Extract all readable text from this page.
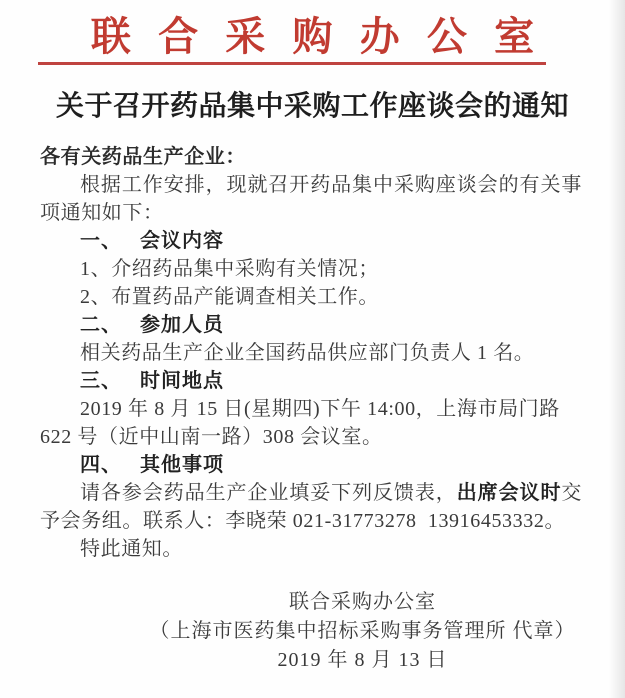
联合采购办公室
关于召开药品集中采购工作座谈会的通知

各有关药品生产企业：

根据工作安排，现就召开药品集中采购座谈会的有关事项通知如下：

一、 会议内容

1、介绍药品集中采购有关情况；

2、布置药品产能调查相关工作。

二、 参加人员

相关药品生产企业全国药品供应部门负责人 1 名。

三、 时间地点

2019 年 8 月 15 日(星期四)下午 14:00，上海市局门路

622 号（近中山南一路）308 会议室。

四、 其他事项

请各参会药品生产企业填妥下列反馈表，出席会议时交予会务组。联系人：李晓荣 021-31773278  13916453332。

特此通知。

联合采购办公室

（上海市医药集中招标采购事务管理所 代章）

2019 年 8 月 13 日
